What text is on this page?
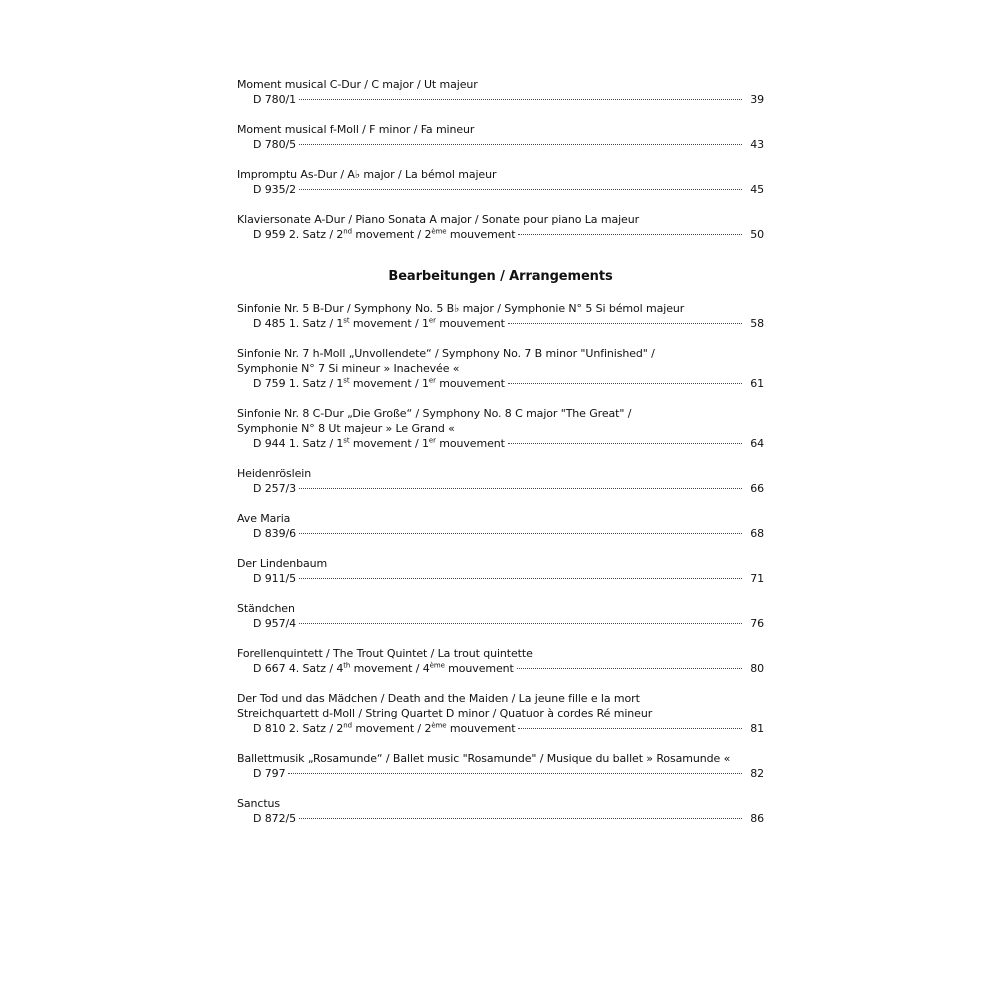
Moment musical C-Dur / C major / Ut majeur
D 780/1	39
Moment musical f-Moll / F minor / Fa mineur
D 780/5	43
Impromptu As-Dur / A♭ major / La bémol majeur
D 935/2	45
Klaviersonate A-Dur / Piano Sonata A major / Sonate pour piano La majeur
D 959 2. Satz / 2nd movement / 2ème mouvement	50
Bearbeitungen / Arrangements
Sinfonie Nr. 5 B-Dur / Symphony No. 5 B♭ major / Symphonie N° 5 Si bémol majeur
D 485 1. Satz / 1st movement / 1er mouvement	58
Sinfonie Nr. 7 h-Moll „Unvollendete“ / Symphony No. 7 B minor "Unfinished" /
Symphonie N° 7 Si mineur » Inachevée «
D 759 1. Satz / 1st movement / 1er mouvement	61
Sinfonie Nr. 8 C-Dur „Die Große“ / Symphony No. 8 C major "The Great" /
Symphonie N° 8 Ut majeur » Le Grand «
D 944 1. Satz / 1st movement / 1er mouvement	64
Heidenröslein
D 257/3	66
Ave Maria
D 839/6	68
Der Lindenbaum
D 911/5	71
Ständchen
D 957/4	76
Forellenquintett / The Trout Quintet / La trout quintette
D 667 4. Satz / 4th movement / 4ème mouvement	80
Der Tod und das Mädchen / Death and the Maiden / La jeune fille e la mort
Streichquartett d-Moll / String Quartet D minor / Quatuor à cordes Ré mineur
D 810 2. Satz / 2nd movement / 2ème mouvement	81
Ballettmusik „Rosamunde“ / Ballet music "Rosamunde" / Musique du ballet » Rosamunde «
D 797	82
Sanctus
D 872/5	86
